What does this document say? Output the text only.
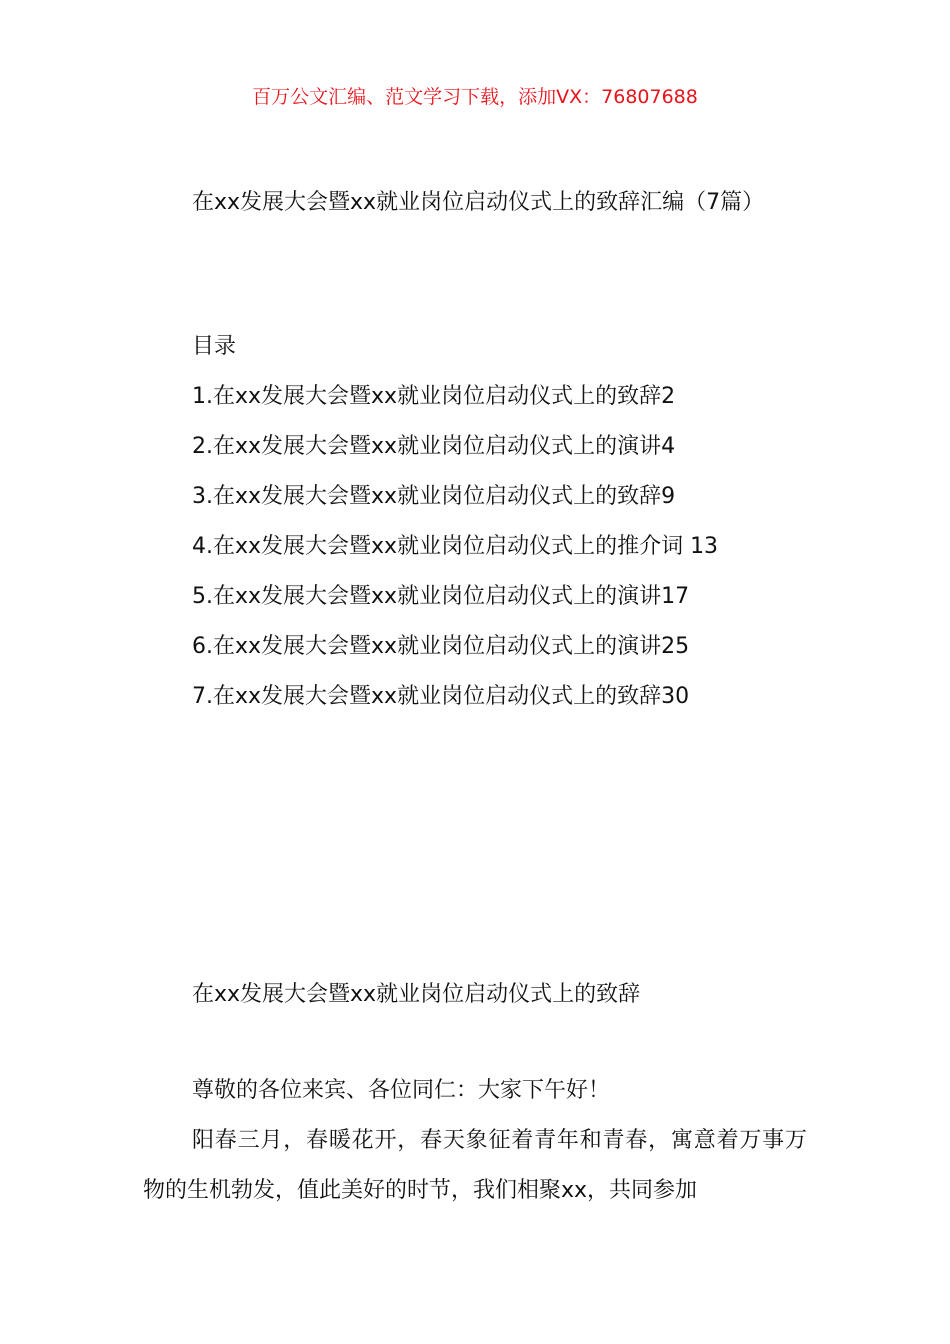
百万公文汇编、范文学习下载，添加VX：76807688
在xx发展大会暨xx就业岗位启动仪式上的致辞汇编（7篇）
目录
1.在xx发展大会暨xx就业岗位启动仪式上的致辞2
2.在xx发展大会暨xx就业岗位启动仪式上的演讲4
3.在xx发展大会暨xx就业岗位启动仪式上的致辞9
4.在xx发展大会暨xx就业岗位启动仪式上的推介词 13
5.在xx发展大会暨xx就业岗位启动仪式上的演讲17
6.在xx发展大会暨xx就业岗位启动仪式上的演讲25
7.在xx发展大会暨xx就业岗位启动仪式上的致辞30
在xx发展大会暨xx就业岗位启动仪式上的致辞
尊敬的各位来宾、各位同仁：大家下午好！

阳春三月，春暖花开，春天象征着青年和青春，寓意着万事万物的生机勃发，值此美好的时节，我们相聚xx，共同参加
